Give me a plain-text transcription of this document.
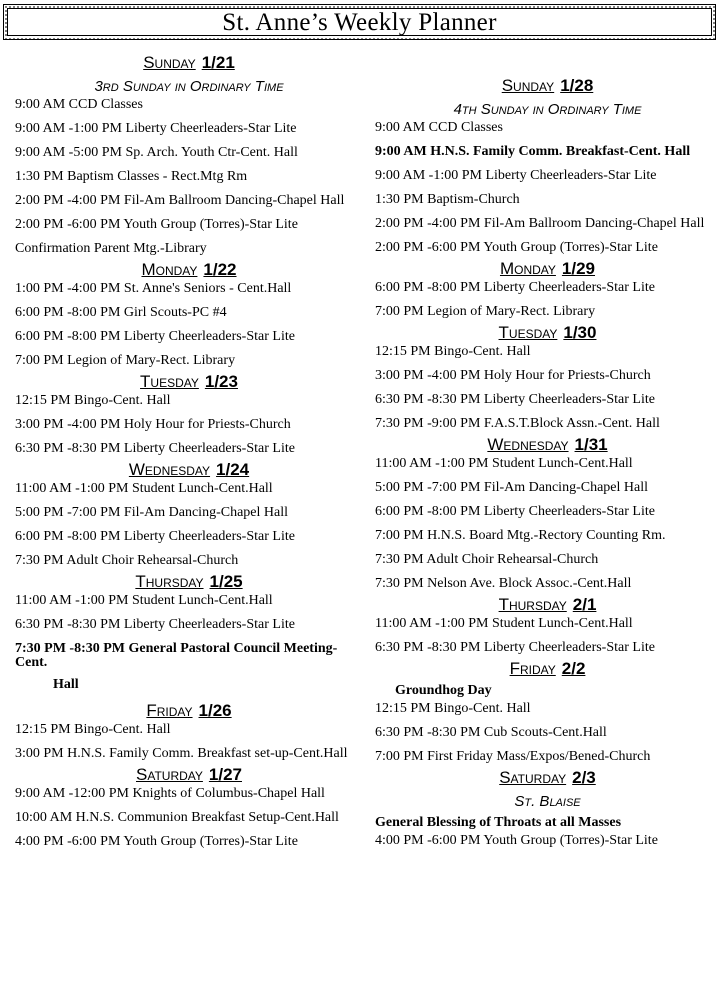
St. Anne’s Weekly Planner
Sunday 1/21
3rd Sunday in Ordinary Time
9:00 AM CCD Classes
9:00 AM -1:00 PM Liberty Cheerleaders-Star Lite
9:00 AM -5:00 PM Sp. Arch. Youth Ctr-Cent. Hall
1:30 PM Baptism Classes - Rect.Mtg Rm
2:00 PM -4:00 PM Fil-Am Ballroom Dancing-Chapel Hall
2:00 PM -6:00 PM Youth Group (Torres)-Star Lite
Confirmation Parent Mtg.-Library
Monday 1/22
1:00 PM -4:00 PM St. Anne's Seniors - Cent.Hall
6:00 PM -8:00 PM Girl Scouts-PC #4
6:00 PM -8:00 PM Liberty Cheerleaders-Star Lite
7:00 PM Legion of Mary-Rect. Library
Tuesday 1/23
12:15 PM Bingo-Cent. Hall
3:00 PM -4:00 PM Holy Hour for Priests-Church
6:30 PM -8:30 PM Liberty Cheerleaders-Star Lite
Wednesday 1/24
11:00 AM -1:00 PM Student Lunch-Cent.Hall
5:00 PM -7:00 PM Fil-Am Dancing-Chapel Hall
6:00 PM -8:00 PM Liberty Cheerleaders-Star Lite
7:30 PM Adult Choir Rehearsal-Church
Thursday 1/25
11:00 AM -1:00 PM Student Lunch-Cent.Hall
6:30 PM -8:30 PM Liberty Cheerleaders-Star Lite
7:30 PM -8:30 PM General Pastoral Council Meeting-Cent.
Hall
Friday 1/26
12:15 PM Bingo-Cent. Hall
3:00 PM H.N.S. Family Comm. Breakfast set-up-Cent.Hall
Saturday 1/27
9:00 AM -12:00 PM Knights of Columbus-Chapel Hall
10:00 AM H.N.S. Communion Breakfast Setup-Cent.Hall
4:00 PM -6:00 PM Youth Group (Torres)-Star Lite
Sunday 1/28
4th Sunday in Ordinary Time
9:00 AM CCD Classes
9:00 AM H.N.S. Family Comm. Breakfast-Cent. Hall
9:00 AM -1:00 PM Liberty Cheerleaders-Star Lite
1:30 PM Baptism-Church
2:00 PM -4:00 PM Fil-Am Ballroom Dancing-Chapel Hall
2:00 PM -6:00 PM Youth Group (Torres)-Star Lite
Monday 1/29
6:00 PM -8:00 PM Liberty Cheerleaders-Star Lite
7:00 PM Legion of Mary-Rect. Library
Tuesday 1/30
12:15 PM Bingo-Cent. Hall
3:00 PM -4:00 PM Holy Hour for Priests-Church
6:30 PM -8:30 PM Liberty Cheerleaders-Star Lite
7:30 PM -9:00 PM F.A.S.T.Block Assn.-Cent. Hall
Wednesday 1/31
11:00 AM -1:00 PM Student Lunch-Cent.Hall
5:00 PM -7:00 PM Fil-Am Dancing-Chapel Hall
6:00 PM -8:00 PM Liberty Cheerleaders-Star Lite
7:00 PM H.N.S. Board Mtg.-Rectory Counting Rm.
7:30 PM Adult Choir Rehearsal-Church
7:30 PM Nelson Ave. Block Assoc.-Cent.Hall
Thursday 2/1
11:00 AM -1:00 PM Student Lunch-Cent.Hall
6:30 PM -8:30 PM Liberty Cheerleaders-Star Lite
Friday 2/2
Groundhog Day
12:15 PM Bingo-Cent. Hall
6:30 PM -8:30 PM Cub Scouts-Cent.Hall
7:00 PM First Friday Mass/Expos/Bened-Church
Saturday 2/3
St. Blaise
General Blessing of Throats at all Masses
4:00 PM -6:00 PM Youth Group (Torres)-Star Lite
